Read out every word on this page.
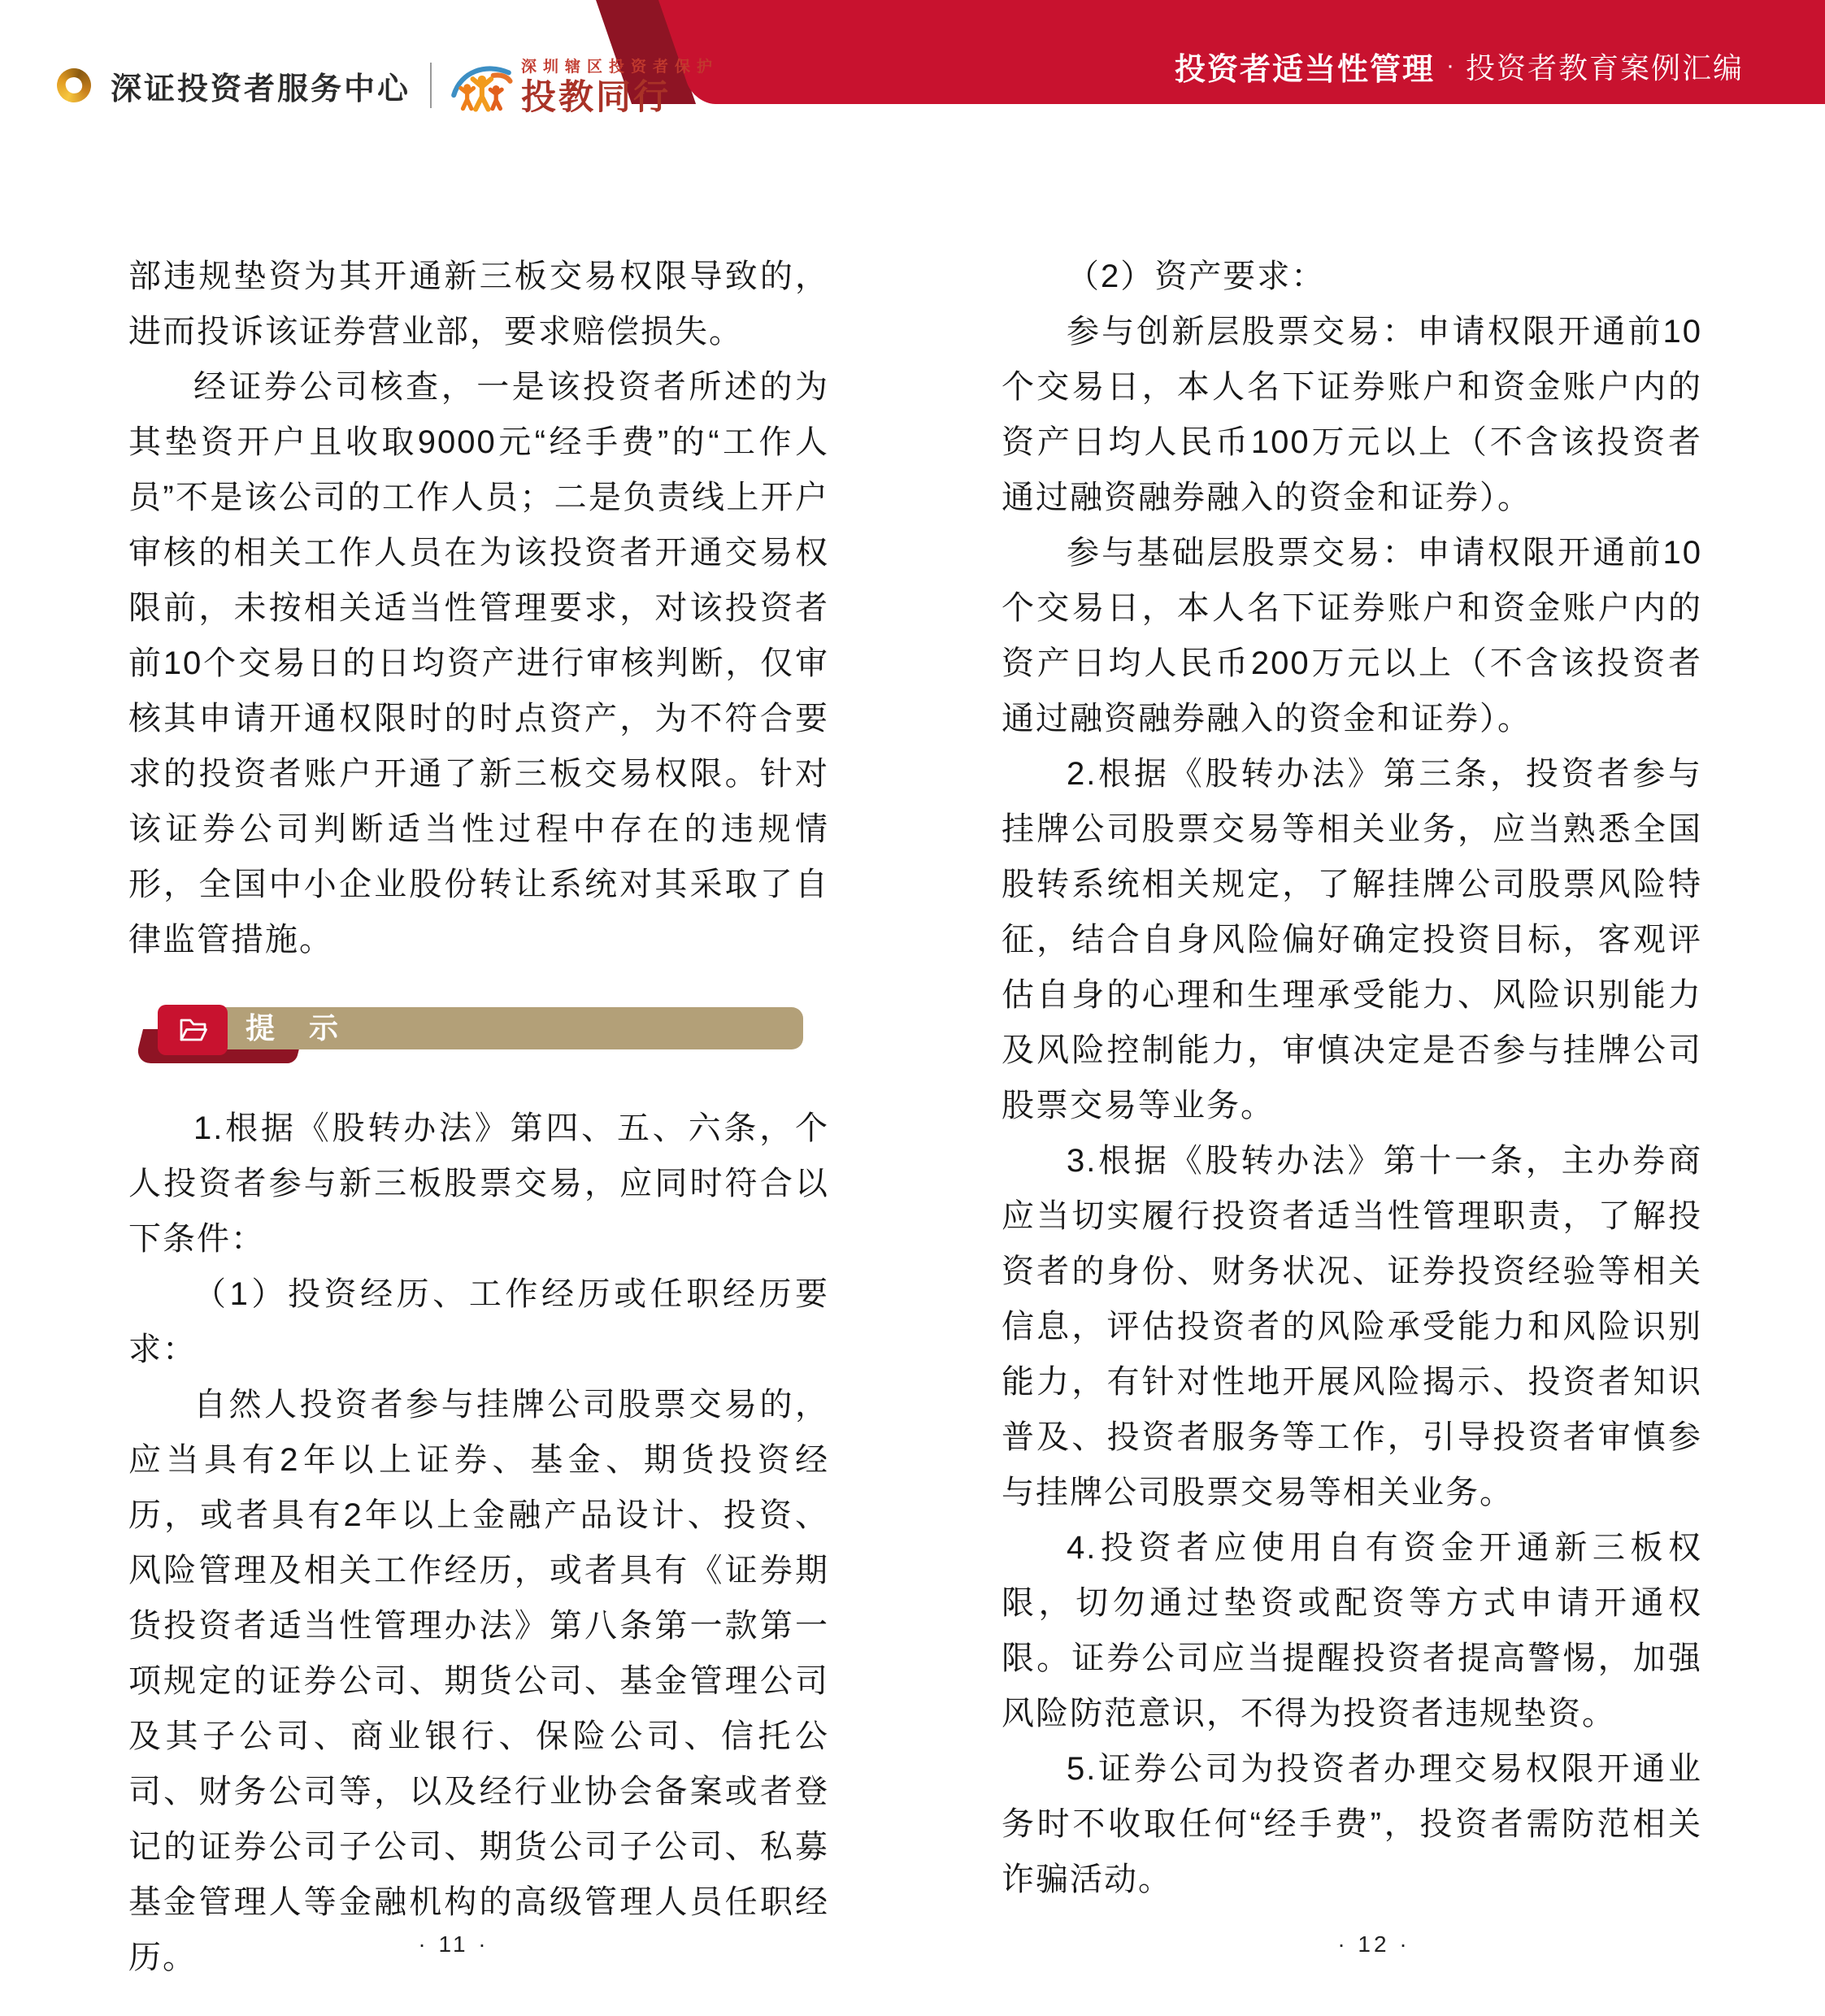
投资者适当性管理 · 投资者教育案例汇编
深证投资者服务中心
深圳辖区投资者保护
投教同行

部违规垫资为其开通新三板交易权限导致的，进而投诉该证券营业部，要求赔偿损失。

经证券公司核查，一是该投资者所述的为其垫资开户且收取9000元“经手费”的“工作人员”不是该公司的工作人员；二是负责线上开户审核的相关工作人员在为该投资者开通交易权限前，未按相关适当性管理要求，对该投资者前10个交易日的日均资产进行审核判断，仅审核其申请开通权限时的时点资产，为不符合要求的投资者账户开通了新三板交易权限。针对该证券公司判断适当性过程中存在的违规情形，全国中小企业股份转让系统对其采取了自律监管措施。

提 示

1.根据《股转办法》第四、五、六条，个人投资者参与新三板股票交易，应同时符合以下条件：

（1）投资经历、工作经历或任职经历要求：

自然人投资者参与挂牌公司股票交易的，应当具有2年以上证券、基金、期货投资经历，或者具有2年以上金融产品设计、投资、风险管理及相关工作经历，或者具有《证券期货投资者适当性管理办法》第八条第一款第一项规定的证券公司、期货公司、基金管理公司及其子公司、商业银行、保险公司、信托公司、财务公司等，以及经行业协会备案或者登记的证券公司子公司、期货公司子公司、私募基金管理人等金融机构的高级管理人员任职经历。

（2）资产要求：

参与创新层股票交易：申请权限开通前10个交易日，本人名下证券账户和资金账户内的资产日均人民币100万元以上（不含该投资者通过融资融券融入的资金和证券）。

参与基础层股票交易：申请权限开通前10个交易日，本人名下证券账户和资金账户内的资产日均人民币200万元以上（不含该投资者通过融资融券融入的资金和证券）。

2.根据《股转办法》第三条，投资者参与挂牌公司股票交易等相关业务，应当熟悉全国股转系统相关规定，了解挂牌公司股票风险特征，结合自身风险偏好确定投资目标，客观评估自身的心理和生理承受能力、风险识别能力及风险控制能力，审慎决定是否参与挂牌公司股票交易等业务。

3.根据《股转办法》第十一条，主办券商应当切实履行投资者适当性管理职责，了解投资者的身份、财务状况、证券投资经验等相关信息，评估投资者的风险承受能力和风险识别能力，有针对性地开展风险揭示、投资者知识普及、投资者服务等工作，引导投资者审慎参与挂牌公司股票交易等相关业务。

4.投资者应使用自有资金开通新三板权限，切勿通过垫资或配资等方式申请开通权限。证券公司应当提醒投资者提高警惕，加强风险防范意识，不得为投资者违规垫资。

5.证券公司为投资者办理交易权限开通业务时不收取任何“经手费”，投资者需防范相关诈骗活动。

· 11 ·	· 12 ·
